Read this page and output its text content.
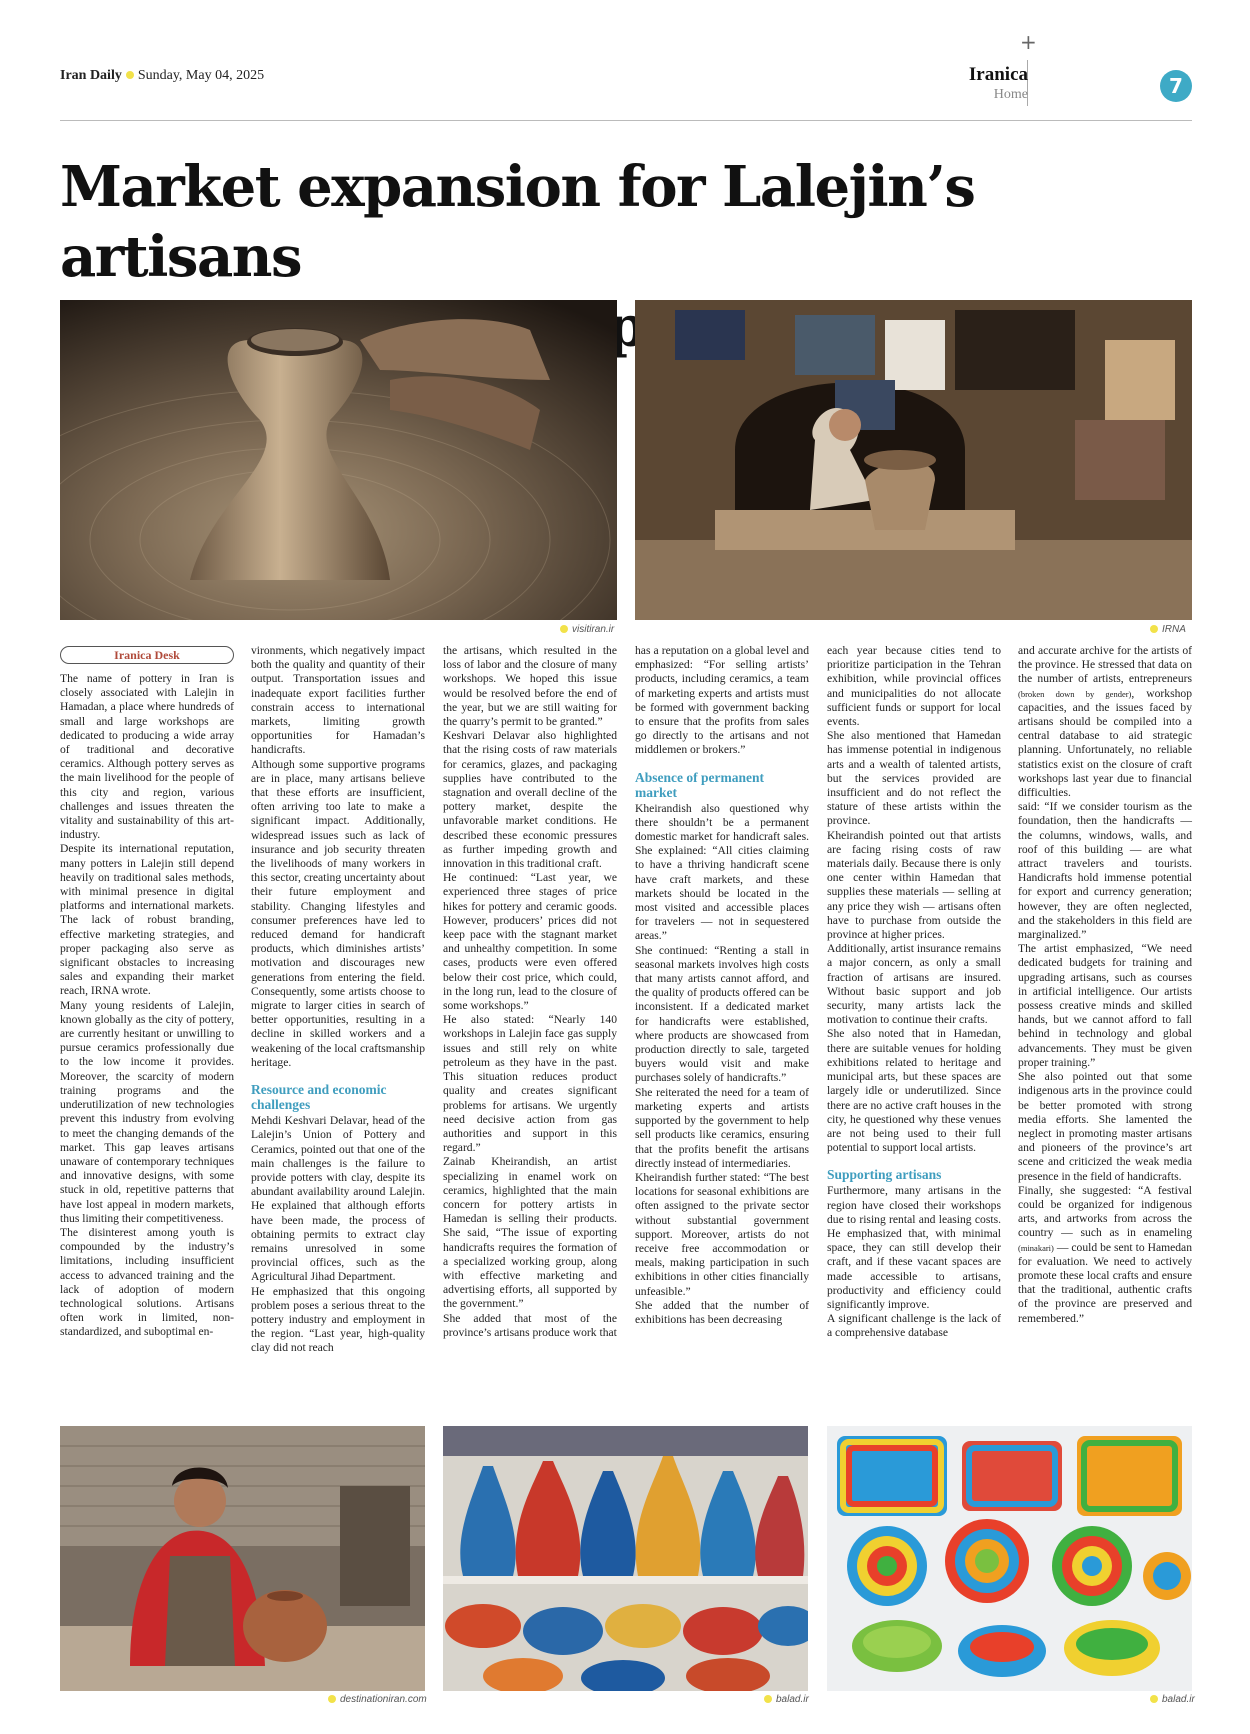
Iran Daily Sunday, May 04, 2025
+
Iranica
Home	7
Market expansion for Lalejin’s artisans

visitiran.ir	IRNA
Iranica Desk

The name of pottery in Iran is closely associated with Lalejin in Hamadan, a place where hundreds of small and large workshops are dedicated to producing a wide array of traditional and decorative ceramics. Although pottery serves as the main livelihood for the people of this city and region, various challenges and issues threaten the vitality and sustainability of this art-industry.

Despite its international reputation, many potters in Lalejin still depend heavily on traditional sales methods, with minimal presence in digital platforms and international markets. The lack of robust branding, effective marketing strategies, and proper packaging also serve as significant obstacles to increasing sales and expanding their market reach, IRNA wrote.

Many young residents of Lalejin, known globally as the city of pottery, are currently hesitant or unwilling to pursue ceramics professionally due to the low income it provides. Moreover, the scarcity of modern training programs and the underutilization of new technologies prevent this industry from evolving to meet the changing demands of the market. This gap leaves artisans unaware of contemporary techniques and innovative designs, with some stuck in old, repetitive patterns that have lost appeal in modern markets, thus limiting their competitiveness.

The disinterest among youth is compounded by the industry’s limitations, including insufficient access to advanced training and the lack of adoption of modern technological solutions. Artisans often work in limited, non-standardized, and suboptimal en-

vironments, which negatively impact both the quality and quantity of their output. Transportation issues and inadequate export facilities further constrain access to international markets, limiting growth opportunities for Hamadan’s handicrafts.

Although some supportive programs are in place, many artisans believe that these efforts are insufficient, often arriving too late to make a significant impact. Additionally, widespread issues such as lack of insurance and job security threaten the livelihoods of many workers in this sector, creating uncertainty about their future employment and stability. Changing lifestyles and consumer preferences have led to reduced demand for handicraft products, which diminishes artists’ motivation and discourages new generations from entering the field. Consequently, some artists choose to migrate to larger cities in search of better opportunities, resulting in a decline in skilled workers and a weakening of the local craftsmanship heritage.

Resource and economic challenges

Mehdi Keshvari Delavar, head of the Lalejin’s Union of Pottery and Ceramics, pointed out that one of the main challenges is the failure to provide potters with clay, despite its abundant availability around Lalejin. He explained that although efforts have been made, the process of obtaining permits to extract clay remains unresolved in some provincial offices, such as the Agricultural Jihad Department.

He emphasized that this ongoing problem poses a serious threat to the pottery industry and employment in the region. “Last year, high-quality clay did not reach

the artisans, which resulted in the loss of labor and the closure of many workshops. We hoped this issue would be resolved before the end of the year, but we are still waiting for the quarry’s permit to be granted.”

Keshvari Delavar also highlighted that the rising costs of raw materials for ceramics, glazes, and packaging supplies have contributed to the stagnation and overall decline of the pottery market, despite the unfavorable market conditions. He described these economic pressures as further impeding growth and innovation in this traditional craft.

He continued: “Last year, we experienced three stages of price hikes for pottery and ceramic goods. However, producers’ prices did not keep pace with the stagnant market and unhealthy competition. In some cases, products were even offered below their cost price, which could, in the long run, lead to the closure of some workshops.”

He also stated: “Nearly 140 workshops in Lalejin face gas supply issues and still rely on white petroleum as they have in the past. This situation reduces product quality and creates significant problems for artisans. We urgently need decisive action from gas authorities and support in this regard.”

Zainab Kheirandish, an artist specializing in enamel work on ceramics, highlighted that the main concern for pottery artists in Hamedan is selling their products. She said, “The issue of exporting handicrafts requires the formation of a specialized working group, along with effective marketing and advertising efforts, all supported by the government.”

She added that most of the province’s artisans produce work that

has a reputation on a global level and emphasized: “For selling artists’ products, including ceramics, a team of marketing experts and artists must be formed with government backing to ensure that the profits from sales go directly to the artisans and not middlemen or brokers.”

Absence of permanent market

Kheirandish also questioned why there shouldn’t be a permanent domestic market for handicraft sales. She explained: “All cities claiming to have a thriving handicraft scene have craft markets, and these markets should be located in the most visited and accessible places for travelers — not in sequestered areas.”

She continued: “Renting a stall in seasonal markets involves high costs that many artists cannot afford, and the quality of products offered can be inconsistent. If a dedicated market for handicrafts were established, where products are showcased from production directly to sale, targeted buyers would visit and make purchases solely of handicrafts.”

She reiterated the need for a team of marketing experts and artists supported by the government to help sell products like ceramics, ensuring that the profits benefit the artisans directly instead of intermediaries.

Kheirandish further stated: “The best locations for seasonal exhibitions are often assigned to the private sector without substantial government support. Moreover, artists do not receive free accommodation or meals, making participation in such exhibitions in other cities financially unfeasible.”

She added that the number of exhibitions has been decreasing

each year because cities tend to prioritize participation in the Tehran exhibition, while provincial offices and municipalities do not allocate sufficient funds or support for local events.

She also mentioned that Hamedan has immense potential in indigenous arts and a wealth of talented artists, but the services provided are insufficient and do not reflect the stature of these artists within the province.

Kheirandish pointed out that artists are facing rising costs of raw materials daily. Because there is only one center within Hamedan that supplies these materials — selling at any price they wish — artisans often have to purchase from outside the province at higher prices.

Additionally, artist insurance remains a major concern, as only a small fraction of artisans are insured. Without basic support and job security, many artists lack the motivation to continue their crafts.

She also noted that in Hamedan, there are suitable venues for holding exhibitions related to heritage and municipal arts, but these spaces are largely idle or underutilized. Since there are no active craft houses in the city, he questioned why these venues are not being used to their full potential to support local artists.

Supporting artisans

Furthermore, many artisans in the region have closed their workshops due to rising rental and leasing costs. He emphasized that, with minimal space, they can still develop their craft, and if these vacant spaces are made accessible to artisans, productivity and efficiency could significantly improve.

A significant challenge is the lack of a comprehensive database

and accurate archive for the artists of the province. He stressed that data on the number of artists, entrepreneurs (broken down by gender), workshop capacities, and the issues faced by artisans should be compiled into a central database to aid strategic planning. Unfortunately, no reliable statistics exist on the closure of craft workshops last year due to financial difficulties.

said: “If we consider tourism as the foundation, then the handicrafts — the columns, windows, walls, and roof of this building — are what attract travelers and tourists. Handicrafts hold immense potential for export and currency generation; however, they are often neglected, and the stakeholders in this field are marginalized.”

The artist emphasized, “We need dedicated budgets for training and upgrading artisans, such as courses in artificial intelligence. Our artists possess creative minds and skilled hands, but we cannot afford to fall behind in technology and global advancements. They must be given proper training.”

She also pointed out that some indigenous arts in the province could be better promoted with strong media efforts. She lamented the neglect in promoting master artisans and pioneers of the province’s art scene and criticized the weak media presence in the field of handicrafts.

Finally, she suggested: “A festival could be organized for indigenous arts, and artworks from across the country — such as in enameling (minakari) — could be sent to Hamedan for evaluation. We need to actively promote these local crafts and ensure that the traditional, authentic crafts of the province are preserved and remembered.”

destinationiran.com	balad.ir	balad.ir
